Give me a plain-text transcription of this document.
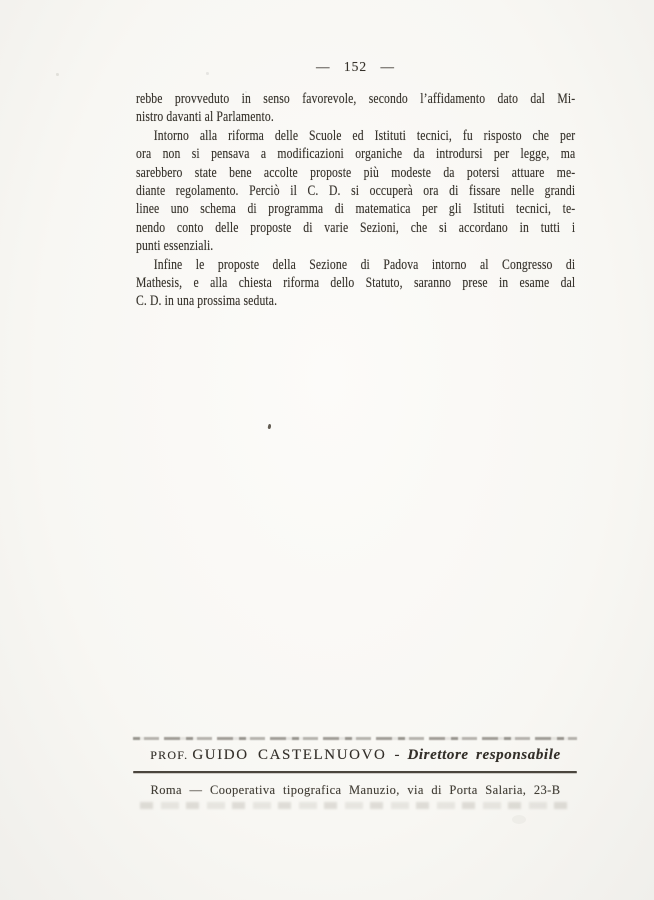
— 152 —
rebbe provveduto in senso favorevole, secondo l’affidamento dato dal Mi-
nistro davanti al Parlamento.
Intorno alla riforma delle Scuole ed Istituti tecnici, fu risposto che per
ora non si pensava a modificazioni organiche da introdursi per legge, ma
sarebbero state bene accolte proposte più modeste da potersi attuare me-
diante regolamento. Perciò il C. D. si occuperà ora di fissare nelle grandi
linee uno schema di programma di matematica per gli Istituti tecnici, te-
nendo conto delle proposte di varie Sezioni, che si accordano in tutti i
punti essenziali.
Infine le proposte della Sezione di Padova intorno al Congresso di
Mathesis, e alla chiesta riforma dello Statuto, saranno prese in esame dal
C. D. in una prossima seduta.
PROF. GUIDO CASTELNUOVO - Direttore responsabile
Roma — Cooperativa tipografica Manuzio, via di Porta Salaria, 23-B
